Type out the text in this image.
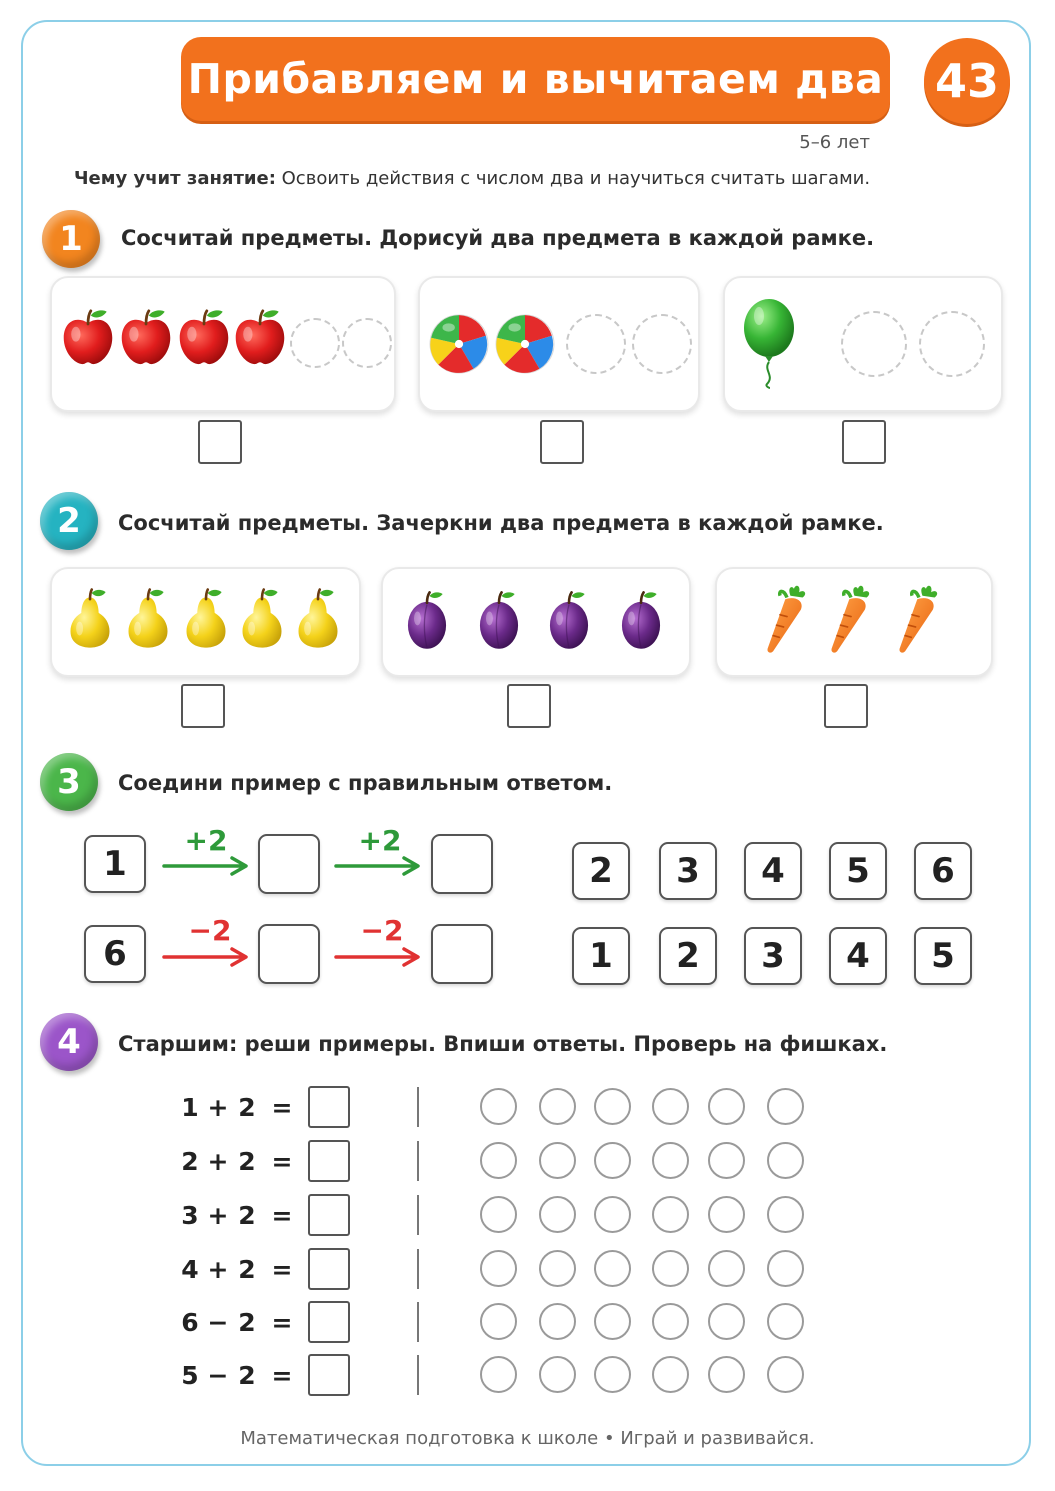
Прибавляем и вычитаем два 43
5–6 лет
Чему учит занятие: Освоить действия с числом два и научиться считать шагами.
1	Сосчитай предметы. Дорисуй два предмета в каждой рамке.
2	Сосчитай предметы. Зачеркни два предмета в каждой рамке.
3	Соедини пример с правильным ответом.
1
+2	+2
6
−2	−2
2	3	4	5	6
1	2	3	4	5
4	Старшим: реши примеры. Впиши ответы. Проверь на фишках.
1 + 2 =
2 + 2 =
3 + 2 =
4 + 2 =
6 − 2 =
5 − 2 =
Математическая подготовка к школе • Играй и развивайся.
